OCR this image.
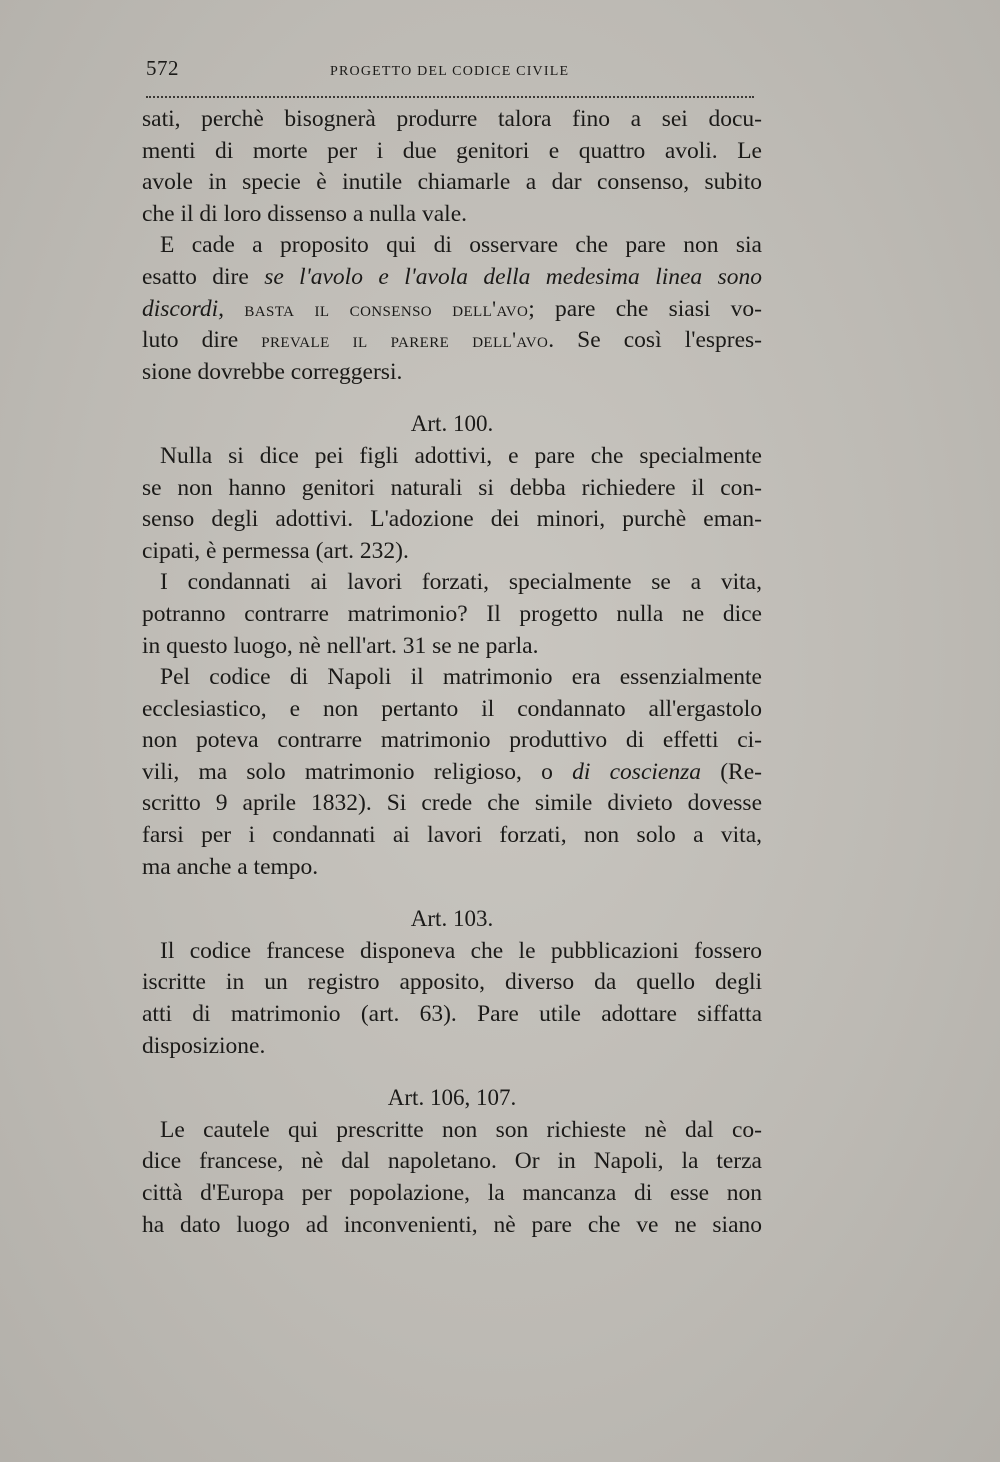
572	PROGETTO DEL CODICE CIVILE
sati, perchè bisognerà produrre talora fino a sei docu-
menti di morte per i due genitori e quattro avoli. Le
avole in specie è inutile chiamarle a dar consenso, subito
che il di loro dissenso a nulla vale.
E cade a proposito qui di osservare che pare non sia
esatto dire se l'avolo e l'avola della medesima linea sono
discordi, basta il consenso dell'avo; pare che siasi vo-
luto dire prevale il parere dell'avo. Se così l'espres-
sione dovrebbe correggersi.
Art. 100.
Nulla si dice pei figli adottivi, e pare che specialmente
se non hanno genitori naturali si debba richiedere il con-
senso degli adottivi. L'adozione dei minori, purchè eman-
cipati, è permessa (art. 232).
I condannati ai lavori forzati, specialmente se a vita,
potranno contrarre matrimonio? Il progetto nulla ne dice
in questo luogo, nè nell'art. 31 se ne parla.
Pel codice di Napoli il matrimonio era essenzialmente
ecclesiastico, e non pertanto il condannato all'ergastolo
non poteva contrarre matrimonio produttivo di effetti ci-
vili, ma solo matrimonio religioso, o di coscienza (Re-
scritto 9 aprile 1832). Si crede che simile divieto dovesse
farsi per i condannati ai lavori forzati, non solo a vita,
ma anche a tempo.
Art. 103.
Il codice francese disponeva che le pubblicazioni fossero
iscritte in un registro apposito, diverso da quello degli
atti di matrimonio (art. 63). Pare utile adottare siffatta
disposizione.
Art. 106, 107.
Le cautele qui prescritte non son richieste nè dal co-
dice francese, nè dal napoletano. Or in Napoli, la terza
città d'Europa per popolazione, la mancanza di esse non
ha dato luogo ad inconvenienti, nè pare che ve ne siano
